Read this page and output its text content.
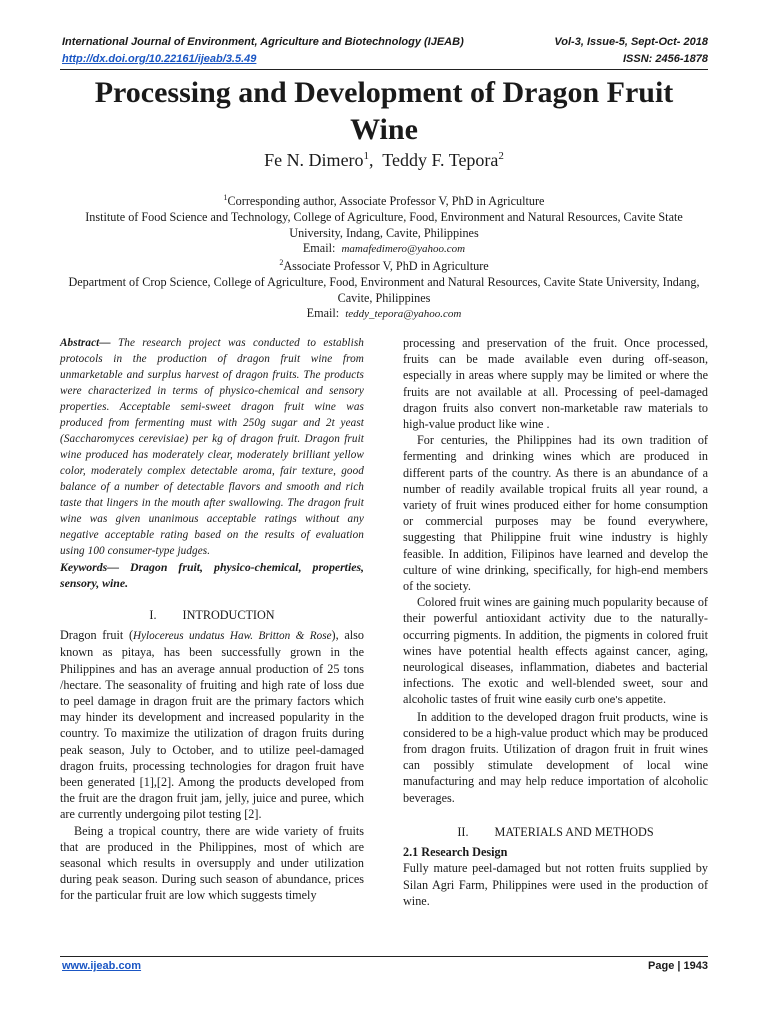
International Journal of Environment, Agriculture and Biotechnology (IJEAB)	Vol-3, Issue-5, Sept-Oct- 2018
http://dx.doi.org/10.22161/ijeab/3.5.49	ISSN: 2456-1878
Processing and Development of Dragon Fruit Wine
Fe N. Dimero$^1$,  Teddy F. Tepora$^2$
$^1$Corresponding author, Associate Professor V, PhD in Agriculture
Institute of Food Science and Technology, College of Agriculture, Food, Environment and Natural Resources, Cavite State University, Indang, Cavite, Philippines
Email: mamafedimero@yahoo.com
$^2$Associate Professor V, PhD in Agriculture
Department of Crop Science, College of Agriculture, Food, Environment and Natural Resources, Cavite State University, Indang, Cavite, Philippines
Email: teddy_tepora@yahoo.com

Abstract— The research project was conducted to establish protocols in the production of dragon fruit wine from unmarketable and surplus harvest of dragon fruits. The products were characterized in terms of physico-chemical and sensory properties. Acceptable semi-sweet dragon fruit wine was produced from fermenting must with 250g sugar and 2t yeast (Saccharomyces cerevisiae) per kg of dragon fruit. Dragon fruit wine produced has moderately clear, moderately brilliant yellow color, moderately complex detectable aroma, fair texture, good balance of a number of detectable flavors and smooth and rich taste that lingers in the mouth after swallowing. The dragon fruit wine was given unanimous acceptable ratings without any negative acceptable rating based on the results of evaluation using 100 consumer-type judges.

Keywords— Dragon fruit, physico-chemical, properties, sensory, wine.

I. INTRODUCTION

Dragon fruit (Hylocereus undatus Haw. Britton & Rose), also known as pitaya, has been successfully grown in the Philippines and has an average annual production of 25 tons /hectare. The seasonality of fruiting and high rate of loss due to peel damage in dragon fruit are the primary factors which may hinder its development and increased popularity in the country. To maximize the utilization of dragon fruits during peak season, July to October, and to utilize peel-damaged dragon fruits, processing technologies for dragon fruit have been generated [1],[2]. Among the products developed from the fruit are the dragon fruit jam, jelly, juice and puree, which are currently undergoing pilot testing [2].

Being a tropical country, there are wide variety of fruits that are produced in the Philippines, most of which are seasonal which results in oversupply and under utilization during peak season. During such season of abundance, prices for the particular fruit are low which suggests timely

processing and preservation of the fruit. Once processed, fruits can be made available even during off-season, especially in areas where supply may be limited or where the fruits are not available at all. Processing of peel-damaged dragon fruits also convert non-marketable raw materials to high-value product like wine .

For centuries, the Philippines had its own tradition of fermenting and drinking wines which are produced in different parts of the country. As there is an abundance of a number of readily available tropical fruits all year round, a variety of fruit wines produced either for home consumption or commercial purposes may be found everywhere, suggesting that Philippine fruit wine industry is highly feasible. In addition, Filipinos have learned and develop the culture of wine drinking, specifically, for high-end members of the society.

Colored fruit wines are gaining much popularity because of their powerful antioxidant activity due to the naturally-occurring pigments. In addition, the pigments in colored fruit wines have potential health effects against cancer, aging, neurological diseases, inflammation, diabetes and bacterial infections. The exotic and well-blended sweet, sour and alcoholic tastes of fruit wine easily curb one's appetite.

In addition to the developed dragon fruit products, wine is considered to be a high-value product which may be produced from dragon fruits. Utilization of dragon fruit in fruit wines can possibly stimulate development of local wine manufacturing and may help reduce importation of alcoholic beverages.

II. MATERIALS AND METHODS

2.1 Research Design

Fully mature peel-damaged but not rotten fruits supplied by Silan Agri Farm, Philippines were used in the production of wine.

www.ijeab.com	Page | 1943
